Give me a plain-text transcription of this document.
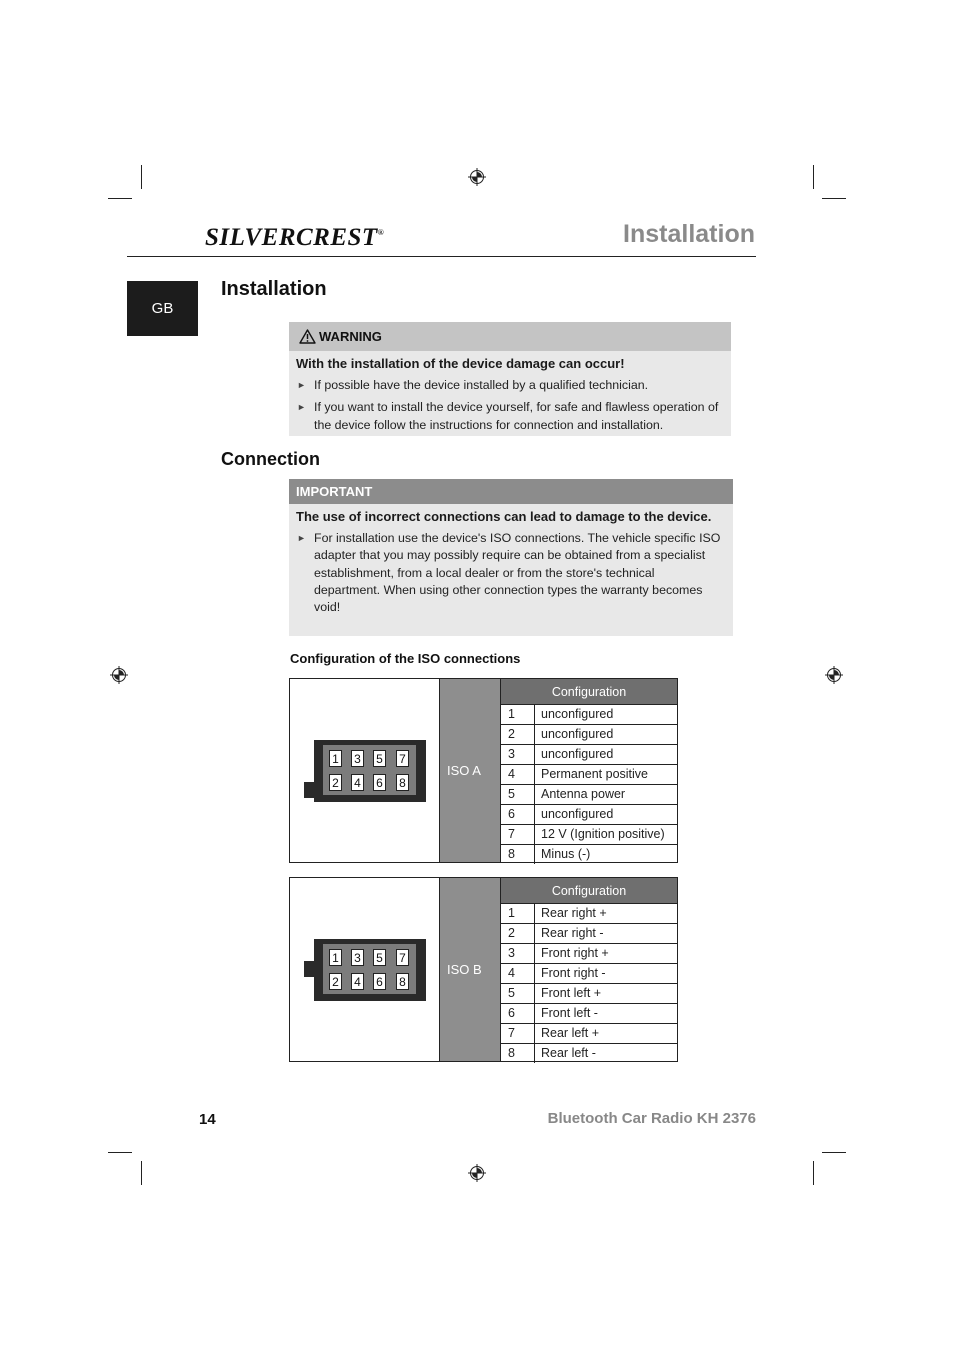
SILVERCREST®	Installation
GB
Installation
WARNING
With the installation of the device damage can occur!
► If possible have the device installed by a qualified technician.
► If you want to install the device yourself, for safe and flawless operation of the device follow the instructions for connection and installation.
Connection
IMPORTANT
The use of incorrect connections can lead to damage to the device.
► For installation use the device's ISO connections. The vehicle specific ISO adapter that you may possibly require can be obtained from a specialist establishment, from a local dealer or from the store's technical department. When using other connection types the warranty becomes void!
Configuration of the ISO connections
1 3 5 7
2 4 6 8
ISO A
Configuration
1	unconfigured
2	unconfigured
3	unconfigured
4	Permanent positive
5	Antenna power
6	unconfigured
7	12 V (Ignition positive)
8	Minus (-)
1 3 5 7
2 4 6 8
ISO B
Configuration
1	Rear right +
2	Rear right -
3	Front right +
4	Front right -
5	Front left +
6	Front left -
7	Rear left +
8	Rear left -
14	Bluetooth Car Radio KH 2376
